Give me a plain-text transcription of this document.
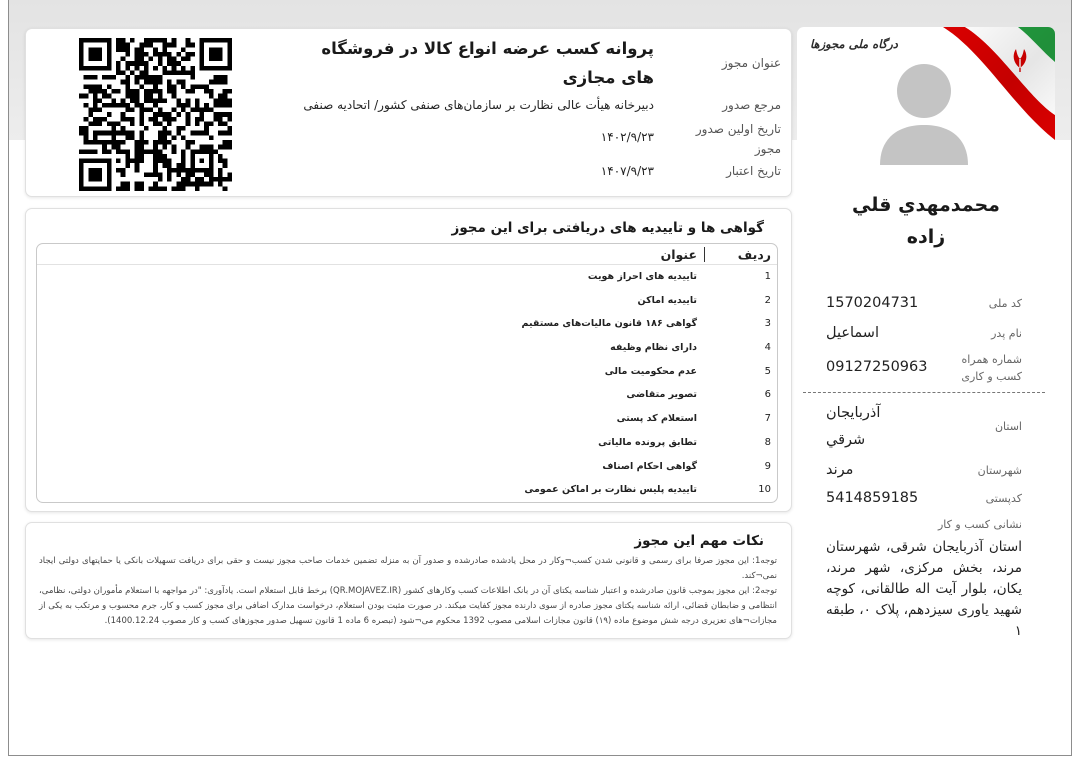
عنوان مجوز
پروانه کسب عرضه انواع کالا در فروشگاه های مجازی
مرجع صدور
دبیرخانه هیأت عالی نظارت بر سازمان‌های صنفی کشور/ اتحادیه صنفی
تاریخ اولین صدور مجوز
۱۴۰۲/۹/۲۳
تاریخ اعتبار
۱۴۰۷/۹/۲۳
گواهی ها و تاییدیه های دریافتی برای این مجوز
ردیف
عنوان
1
تاییدیه های احراز هویت
2
تاییدیه اماکن
3
گواهی ۱۸۶ قانون مالیات‌های مستقیم
4
دارای نظام وظیفه
5
عدم محکومیت مالی
6
تصویر متقاضی
7
استعلام کد پستی
8
تطابق پرونده مالیاتی
9
گواهی احکام اصناف
10
تاییدیه پلیس نظارت بر اماکن عمومی
نکات مهم این مجوز

توجه1: این مجوز صرفا برای رسمی و قانونی شدن کسب¬وکار در محل یادشده صادرشده و صدور آن به منزله تضمین خدمات صاحب مجوز نیست و حقی برای دریافت تسهیلات بانکی یا حمایتهای دولتی ایجاد نمی¬کند.

توجه2: این مجوز بموجب قانون صادرشده و اعتبار شناسه یکتای آن در بانک اطلاعات کسب وکارهای کشور (QR.MOJAVEZ.IR) برخط قابل استعلام است. یادآوری: "در مواجهه با استعلام مأموران دولتی، نظامی، انتظامی و ضابطان قضائی، ارائه شناسه یکتای مجوز صادره از سوی دارنده مجوز کفایت میکند. در صورت مثبت بودن استعلام، درخواست مدارک اضافی برای مجوز کسب و کار، جرم محسوب و مرتکب به یکی از مجازات¬های تعزیری درجه شش موضوع ماده (۱۹) قانون مجازات اسلامی مصوب 1392 محکوم می¬شود (تبصره 6 ماده 1 قانون تسهیل صدور مجوزهای کسب و کار مصوب 1400.12.24).

درگاه ملی مجوزها
محمدمهدي قلي زاده
کد ملی
1570204731
نام پدر
اسماعیل
شماره همراه کسب و کاری
09127250963
استان
آذربایجان شرقي
شهرستان
مرند
کدپستی
5414859185
نشانی کسب و کار
استان آذربایجان شرقی، شهرستان مرند، بخش مرکزی، شهر مرند، یکان، بلوار آیت اله طالقانی، کوچه شهید یاوری سیزدهم، پلاک ۰، طبقه ۱
